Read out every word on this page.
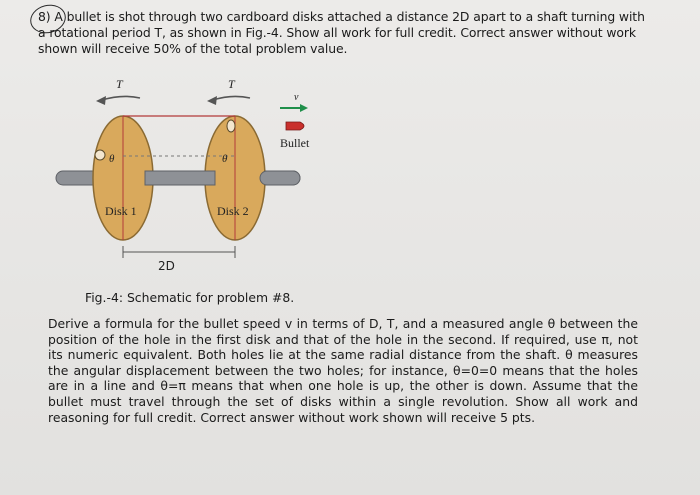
8) A bullet is shot through two cardboard disks attached a distance 2D apart to a shaft turning with a rotational period T, as shown in Fig.-4. Show all work for full credit. Correct answer without work shown will receive 50% of the total problem value.
θ	θ
T	T
v
Bullet
Disk 1	Disk 2
2D
Fig.-4: Schematic for problem #8.
Derive a formula for the bullet speed v in terms of D, T, and a measured angle θ between the position of the hole in the first disk and that of the hole in the second. If required, use π, not its numeric equivalent. Both holes lie at the same radial distance from the shaft. θ measures the angular displacement between the two holes; for instance, θ=0=0 means that the holes are in a line and θ=π means that when one hole is up, the other is down. Assume that the bullet must travel through the set of disks within a single revolution. Show all work and reasoning for full credit. Correct answer without work shown will receive 5 pts.
